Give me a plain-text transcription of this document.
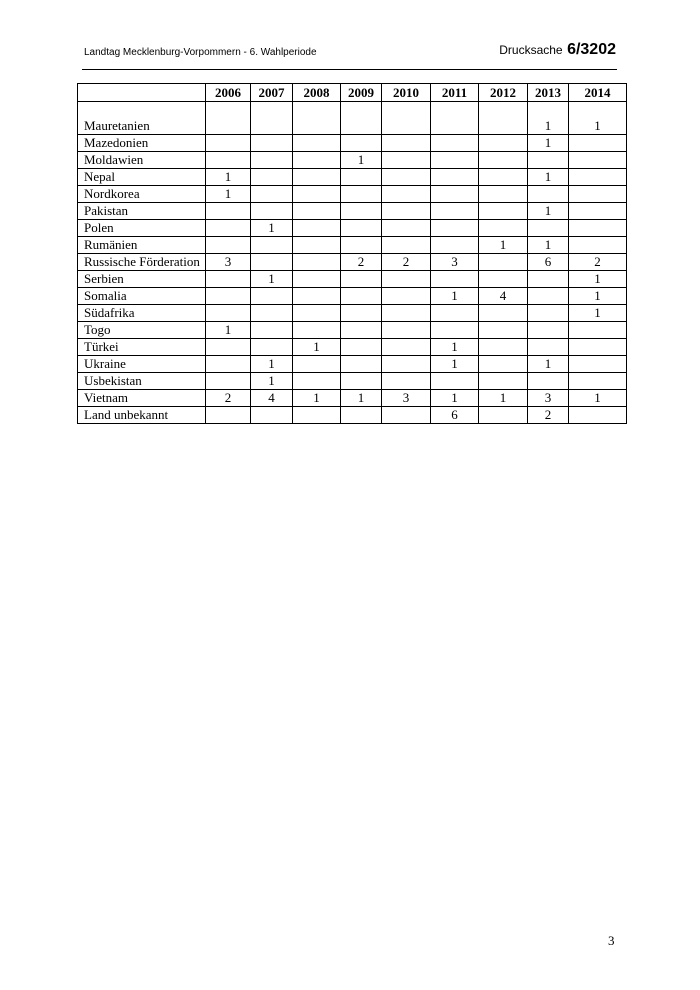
Landtag Mecklenburg-Vorpommern - 6. Wahlperiode	Drucksache 6/3202
	2006	2007	2008	2009	2010	2011	2012	2013	2014
Mauretanien								1	1
Mazedonien								1	
Moldawien				1					
Nepal	1							1	
Nordkorea	1								
Pakistan								1	
Polen		1							
Rumänien							1	1	
Russische Förderation	3			2	2	3		6	2
Serbien		1							1
Somalia						1	4		1
Südafrika									1
Togo	1								
Türkei			1			1			
Ukraine		1				1		1	
Usbekistan		1							
Vietnam	2	4	1	1	3	1	1	3	1
Land unbekannt						6		2	
3
